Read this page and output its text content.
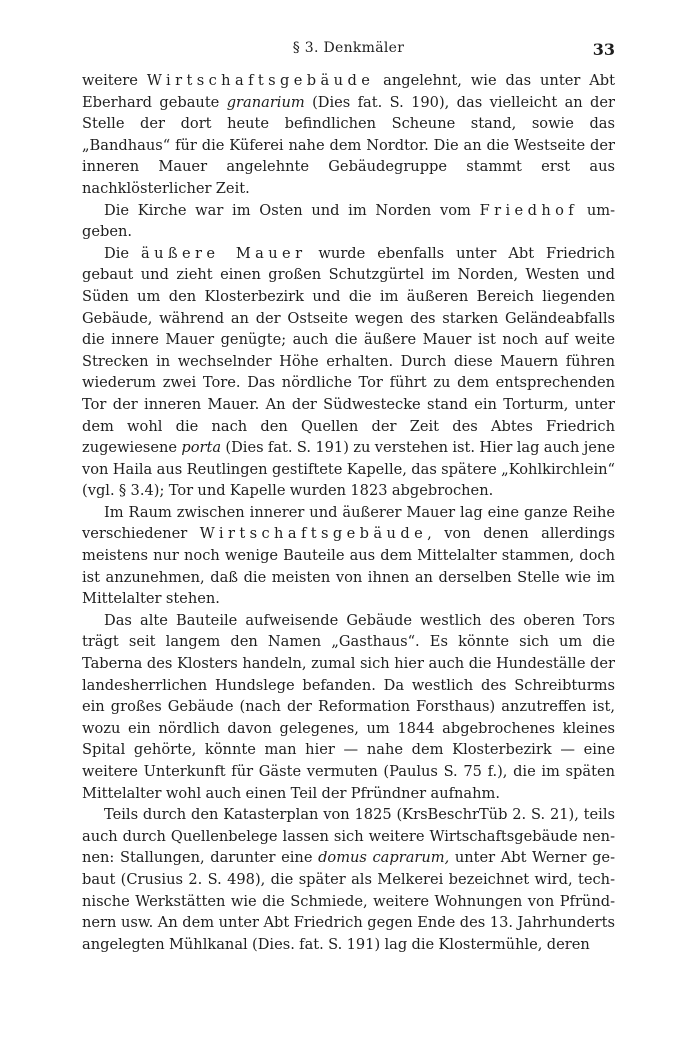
§ 3. Denkmäler	33

weitere Wirtschaftsgebäude angelehnt, wie das unter Abt Eberhard gebaute granarium (Dies fat. S. 190), das vielleicht an der Stelle der dort heute befindlichen Scheune stand, sowie das „Bandhaus“ für die Küferei nahe dem Nordtor. Die an die Westseite der inneren Mauer angelehnte Gebäudegruppe stammt erst aus nachklösterlicher Zeit.

Die Kirche war im Osten und im Norden vom Friedhof umgeben.

Die äußere Mauer wurde ebenfalls unter Abt Friedrich gebaut und zieht einen großen Schutzgürtel im Norden, Westen und Süden um den Klosterbezirk und die im äußeren Bereich liegenden Gebäude, während an der Ostseite wegen des starken Geländeabfalls die innere Mauer genügte; auch die äußere Mauer ist noch auf weite Strecken in wechselnder Höhe erhalten. Durch diese Mauern führen wiederum zwei Tore. Das nördliche Tor führt zu dem entsprechenden Tor der inneren Mauer. An der Südwestecke stand ein Torturm, unter dem wohl die nach den Quellen der Zeit des Abtes Friedrich zugewiesene porta (Dies fat. S. 191) zu verstehen ist. Hier lag auch jene von Haila aus Reutlingen gestiftete Kapelle, das spätere „Kohlkirchlein“ (vgl. § 3.4); Tor und Kapelle wurden 1823 abgebrochen.

Im Raum zwischen innerer und äußerer Mauer lag eine ganze Reihe verschiedener Wirtschaftsgebäude, von denen allerdings meistens nur noch wenige Bauteile aus dem Mittelalter stammen, doch ist anzunehmen, daß die meisten von ihnen an derselben Stelle wie im Mittelalter stehen.

Das alte Bauteile aufweisende Gebäude westlich des oberen Tors trägt seit langem den Namen „Gasthaus“. Es könnte sich um die Taberna des Klosters handeln, zumal sich hier auch die Hundeställe der landesherrlichen Hundslege befanden. Da westlich des Schreibturms ein großes Gebäude (nach der Reformation Forsthaus) anzutreffen ist, wozu ein nördlich davon gelegenes, um 1844 abgebrochenes kleines Spital gehörte, könnte man hier — nahe dem Klosterbezirk — eine weitere Unterkunft für Gäste vermuten (Paulus S. 75 f.), die im späten Mittelalter wohl auch einen Teil der Pfründner aufnahm.

Teils durch den Katasterplan von 1825 (KrsBeschrTüb 2. S. 21), teils auch durch Quellenbelege lassen sich weitere Wirtschaftsgebäude nennen: Stallungen, darunter eine domus caprarum, unter Abt Werner gebaut (Crusius 2. S. 498), die später als Melkerei bezeichnet wird, technische Werkstätten wie die Schmiede, weitere Wohnungen von Pfründnern usw. An dem unter Abt Friedrich gegen Ende des 13. Jahrhunderts angelegten Mühlkanal (Dies. fat. S. 191) lag die Klostermühle, deren
